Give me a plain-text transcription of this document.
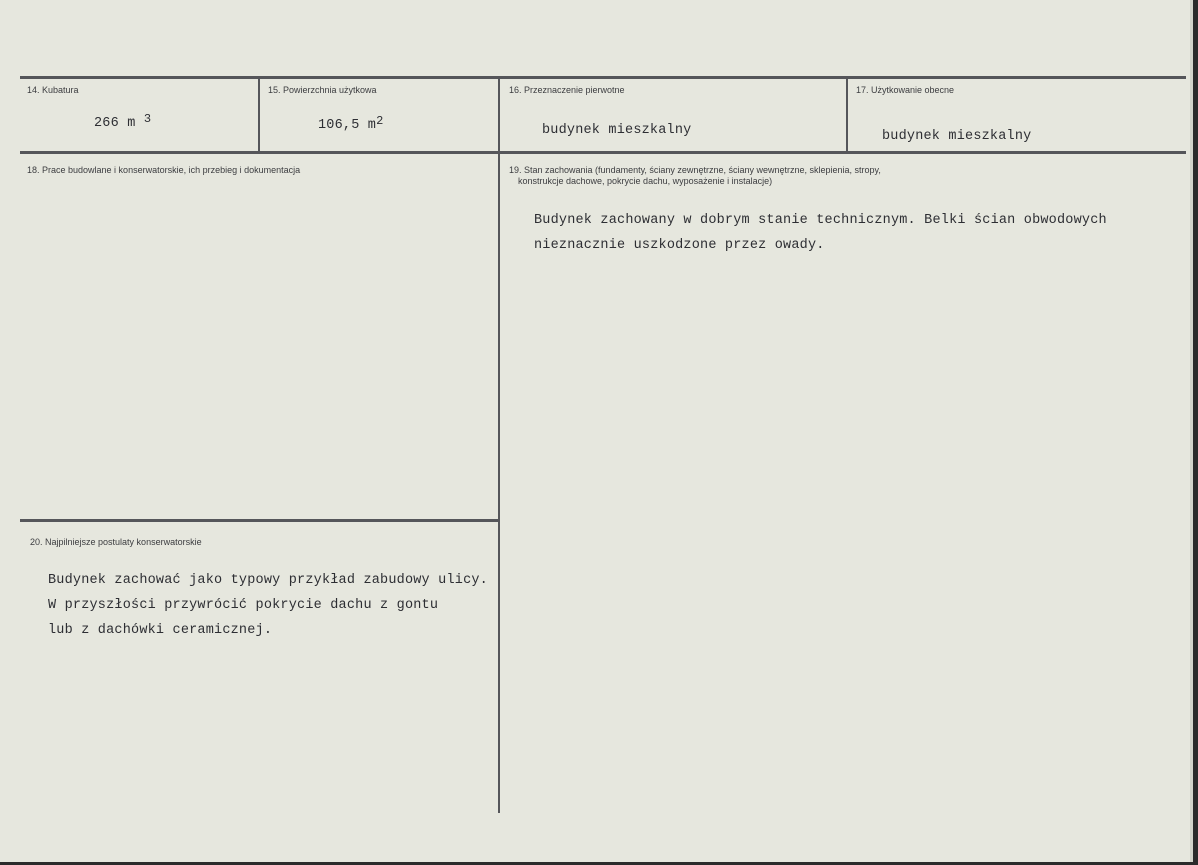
14. Kubatura
266 m $^3$
15. Powierzchnia użytkowa
106,5 $m^2$
16. Przeznaczenie pierwotne
budynek mieszkalny
17. Użytkowanie obecne
budynek mieszkalny
18. Prace budowlane i konserwatorskie, ich przebieg i dokumentacja	19. Stan zachowania (fundamenty, ściany zewnętrzne, ściany wewnętrzne, sklepienia, stropy,
konstrukcje dachowe, pokrycie dachu, wyposażenie i instalacje)
Budynek zachowany w dobrym stanie technicznym. Belki ścian obwodowych
nieznacznie uszkodzone przez owady.
20. Najpilniejsze postulaty konserwatorskie
Budynek zachować jako typowy przykład zabudowy ulicy.
W przyszłości przywrócić pokrycie dachu z gontu
lub z dachówki ceramicznej.
